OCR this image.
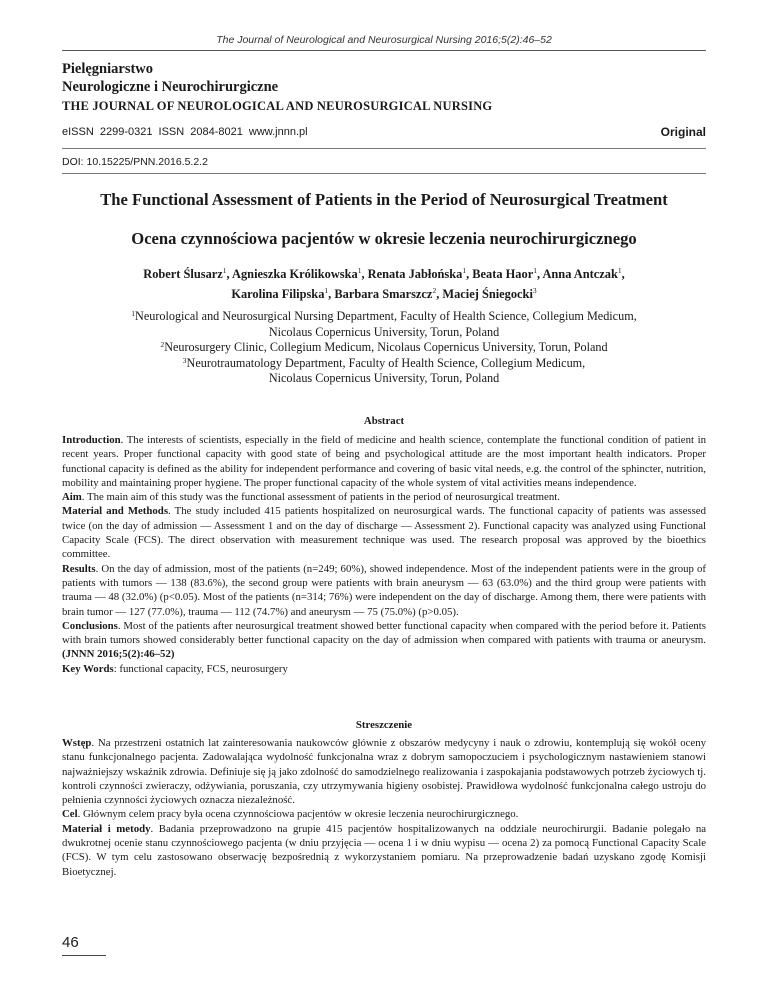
The Journal of Neurological and Neurosurgical Nursing 2016;5(2):46–52
Pielęgniarstwo
Neurologiczne i Neurochirurgiczne
THE JOURNAL OF NEUROLOGICAL AND NEUROSURGICAL NURSING
eISSN 2299-0321 ISSN 2084-8021 www.jnnn.pl	Original
DOI: 10.15225/PNN.2016.5.2.2
The Functional Assessment of Patients in the Period of Neurosurgical Treatment
Ocena czynnościowa pacjentów w okresie leczenia neurochirurgicznego
Robert Ślusarz$^1$, Agnieszka Królikowska$^1$, Renata Jabłońska$^1$, Beata Haor$^1$, Anna Antczak$^1$,
Karolina Filipska$^1$, Barbara Smarszcz$^2$, Maciej Śniegocki$^3$
$^1$Neurological and Neurosurgical Nursing Department, Faculty of Health Science, Collegium Medicum,
Nicolaus Copernicus University, Torun, Poland
$^2$Neurosurgery Clinic, Collegium Medicum, Nicolaus Copernicus University, Torun, Poland
$^3$Neurotraumatology Department, Faculty of Health Science, Collegium Medicum,
Nicolaus Copernicus University, Torun, Poland
Abstract

Introduction. The interests of scientists, especially in the field of medicine and health science, contemplate the functional condition of patient in recent years. Proper functional capacity with good state of being and psychological attitude are the most important health indicators. Proper functional capacity is defined as the ability for independent performance and covering of basic vital needs, e.g. the control of the sphincter, nutrition, mobility and maintaining proper hygiene. The proper functional capacity of the whole system of vital activities means independence.

Aim. The main aim of this study was the functional assessment of patients in the period of neurosurgical treatment.

Material and Methods. The study included 415 patients hospitalized on neurosurgical wards. The functional capacity of patients was assessed twice (on the day of admission — Assessment 1 and on the day of discharge — Assessment 2). Functional capacity was analyzed using Functional Capacity Scale (FCS). The direct observation with measurement technique was used. The research proposal was approved by the bioethics committee.

Results. On the day of admission, most of the patients (n=249; 60%), showed independence. Most of the independent patients were in the group of patients with tumors — 138 (83.6%), the second group were patients with brain aneurysm — 63 (63.0%) and the third group were patients with trauma — 48 (32.0%) (p<0.05). Most of the patients (n=314; 76%) were independent on the day of discharge. Among them, there were patients with brain tumor — 127 (77.0%), trauma — 112 (74.7%) and aneurysm — 75 (75.0%) (p>0.05).

Conclusions. Most of the patients after neurosurgical treatment showed better functional capacity when compared with the period before it. Patients with brain tumors showed considerably better functional capacity on the day of admission when compared with patients with trauma or aneurysm. (JNNN 2016;5(2):46–52)

Key Words: functional capacity, FCS, neurosurgery

Streszczenie

Wstęp. Na przestrzeni ostatnich lat zainteresowania naukowców głównie z obszarów medycyny i nauk o zdrowiu, kontemplują się wokół oceny stanu funkcjonalnego pacjenta. Zadowalająca wydolność funkcjonalna wraz z dobrym samopoczuciem i psychologicznym nastawieniem stanowi najważniejszy wskaźnik zdrowia. Definiuje się ją jako zdolność do samodzielnego realizowania i zaspokajania podstawowych potrzeb życiowych tj. kontroli czynności zwieraczy, odżywiania, poruszania, czy utrzymywania higieny osobistej. Prawidłowa wydolność funkcjonalna całego ustroju do pełnienia czynności życiowych oznacza niezależność.

Cel. Głównym celem pracy była ocena czynnościowa pacjentów w okresie leczenia neurochirurgicznego.

Materiał i metody. Badania przeprowadzono na grupie 415 pacjentów hospitalizowanych na oddziale neurochirurgii. Badanie polegało na dwukrotnej ocenie stanu czynnościowego pacjenta (w dniu przyjęcia — ocena 1 i w dniu wypisu — ocena 2) za pomocą Functional Capacity Scale (FCS). W tym celu zastosowano obserwację bezpośrednią z wykorzystaniem pomiaru. Na przeprowadzenie badań uzyskano zgodę Komisji Bioetycznej.

46
